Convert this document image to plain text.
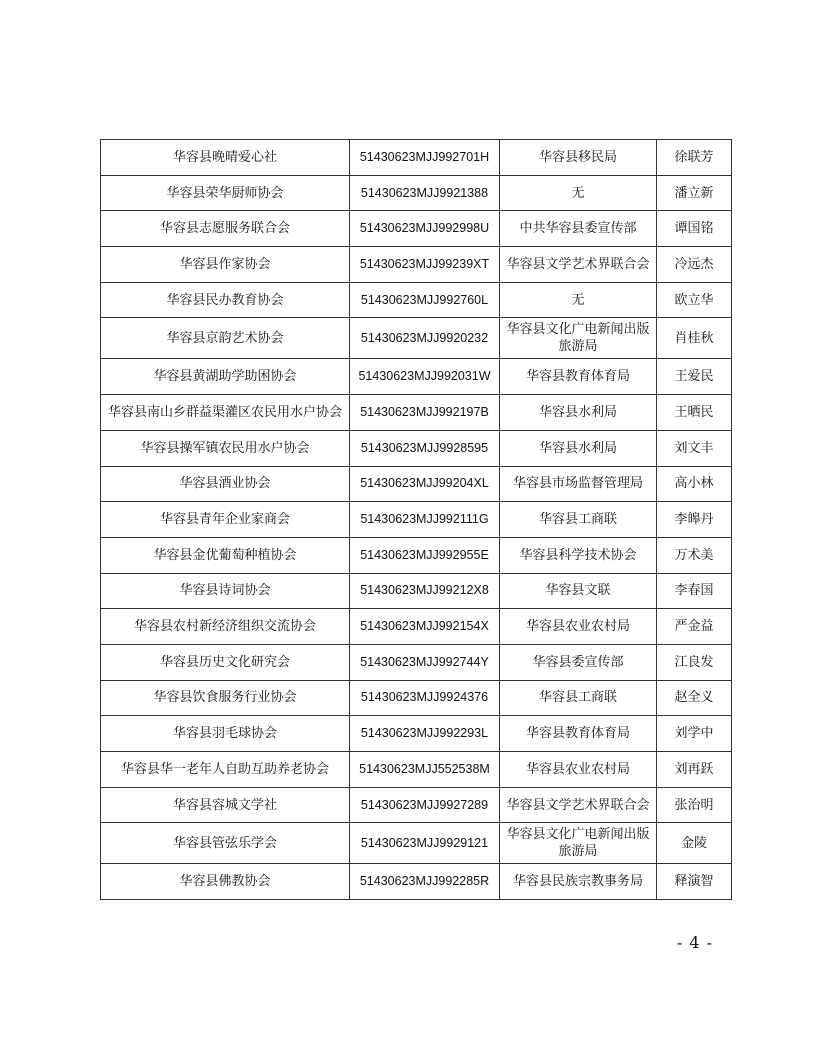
华容县晚晴爱心社	51430623MJJ992701H	华容县移民局	徐联芳
华容县荣华厨师协会	51430623MJJ9921388	无	潘立新
华容县志愿服务联合会	51430623MJJ992998U	中共华容县委宣传部	谭国铭
华容县作家协会	51430623MJJ99239XT	华容县文学艺术界联合会	冷远杰
华容县民办教育协会	51430623MJJ992760L	无	欧立华
华容县京韵艺术协会	51430623MJJ9920232	华容县文化广电新闻出版旅游局	肖桂秋
华容县黄湖助学助困协会	51430623MJJ992031W	华容县教育体育局	王爱民
华容县南山乡群益渠灌区农民用水户协会	51430623MJJ992197B	华容县水利局	王晒民
华容县操军镇农民用水户协会	51430623MJJ9928595	华容县水利局	刘文丰
华容县酒业协会	51430623MJJ99204XL	华容县市场监督管理局	高小林
华容县青年企业家商会	51430623MJJ992111G	华容县工商联	李皞丹
华容县金优葡萄种植协会	51430623MJJ992955E	华容县科学技术协会	万术美
华容县诗词协会	51430623MJJ99212X8	华容县文联	李春国
华容县农村新经济组织交流协会	51430623MJJ992154X	华容县农业农村局	严金益
华容县历史文化研究会	51430623MJJ992744Y	华容县委宣传部	江良发
华容县饮食服务行业协会	51430623MJJ9924376	华容县工商联	赵全义
华容县羽毛球协会	51430623MJJ992293L	华容县教育体育局	刘学中
华容县华一老年人自助互助养老协会	51430623MJJ552538M	华容县农业农村局	刘再跃
华容县容城文学社	51430623MJJ9927289	华容县文学艺术界联合会	张治明
华容县管弦乐学会	51430623MJJ9929121	华容县文化广电新闻出版旅游局	金陵
华容县佛教协会	51430623MJJ992285R	华容县民族宗教事务局	释演智
- 4 -
